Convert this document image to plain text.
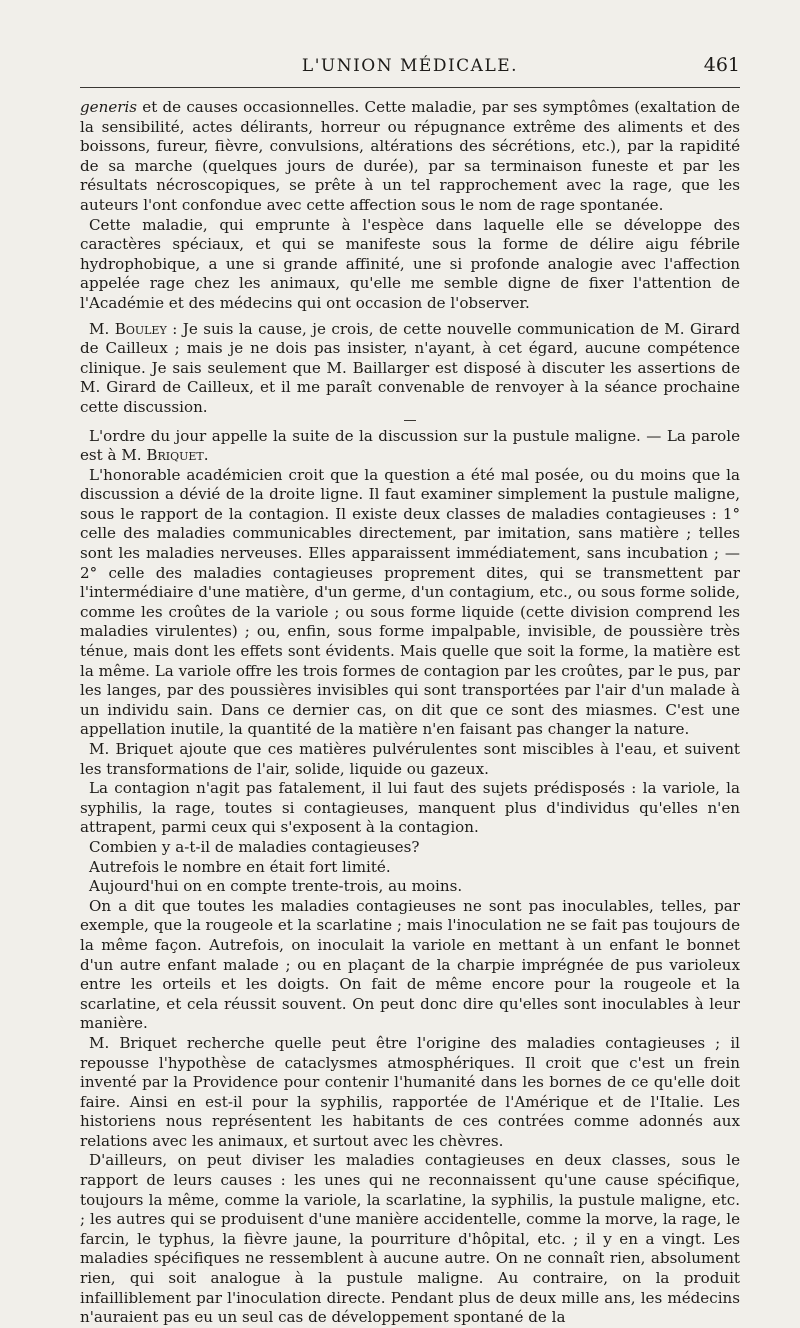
L'UNION MÉDICALE.	461

generis et de causes occasionnelles. Cette maladie, par ses symptômes (exaltation de la sensibilité, actes délirants, horreur ou répugnance extrême des aliments et des boissons, fureur, fièvre, convulsions, altérations des sécrétions, etc.), par la rapidité de sa marche (quelques jours de durée), par sa terminaison funeste et par les résultats nécroscopiques, se prête à un tel rapprochement avec la rage, que les auteurs l'ont confondue avec cette affection sous le nom de rage spontanée.

Cette maladie, qui emprunte à l'espèce dans laquelle elle se développe des caractères spéciaux, et qui se manifeste sous la forme de délire aigu fébrile hydrophobique, a une si grande affinité, une si profonde analogie avec l'affection appelée rage chez les animaux, qu'elle me semble digne de fixer l'attention de l'Académie et des médecins qui ont occasion de l'observer.

M. Bouley : Je suis la cause, je crois, de cette nouvelle communication de M. Girard de Cailleux ; mais je ne dois pas insister, n'ayant, à cet égard, aucune compétence clinique. Je sais seulement que M. Baillarger est disposé à discuter les assertions de M. Girard de Cailleux, et il me paraît convenable de renvoyer à la séance prochaine cette discussion.

L'ordre du jour appelle la suite de la discussion sur la pustule maligne. — La parole est à M. Briquet.

L'honorable académicien croit que la question a été mal posée, ou du moins que la discussion a dévié de la droite ligne. Il faut examiner simplement la pustule maligne, sous le rapport de la contagion. Il existe deux classes de maladies contagieuses : 1° celle des maladies communicables directement, par imitation, sans matière ; telles sont les maladies nerveuses. Elles apparaissent immédiatement, sans incubation ; — 2° celle des maladies contagieuses proprement dites, qui se transmettent par l'intermédiaire d'une matière, d'un germe, d'un contagium, etc., ou sous forme solide, comme les croûtes de la variole ; ou sous forme liquide (cette division comprend les maladies virulentes) ; ou, enfin, sous forme impalpable, invisible, de poussière très ténue, mais dont les effets sont évidents. Mais quelle que soit la forme, la matière est la même. La variole offre les trois formes de contagion par les croûtes, par le pus, par les langes, par des poussières invisibles qui sont transportées par l'air d'un malade à un individu sain. Dans ce dernier cas, on dit que ce sont des miasmes. C'est une appellation inutile, la quantité de la matière n'en faisant pas changer la nature.

M. Briquet ajoute que ces matières pulvérulentes sont miscibles à l'eau, et suivent les transformations de l'air, solide, liquide ou gazeux.

La contagion n'agit pas fatalement, il lui faut des sujets prédisposés : la variole, la syphilis, la rage, toutes si contagieuses, manquent plus d'individus qu'elles n'en attrapent, parmi ceux qui s'exposent à la contagion.

Combien y a-t-il de maladies contagieuses?

Autrefois le nombre en était fort limité.

Aujourd'hui on en compte trente-trois, au moins.

On a dit que toutes les maladies contagieuses ne sont pas inoculables, telles, par exemple, que la rougeole et la scarlatine ; mais l'inoculation ne se fait pas toujours de la même façon. Autrefois, on inoculait la variole en mettant à un enfant le bonnet d'un autre enfant malade ; ou en plaçant de la charpie imprégnée de pus varioleux entre les orteils et les doigts. On fait de même encore pour la rougeole et la scarlatine, et cela réussit souvent. On peut donc dire qu'elles sont inoculables à leur manière.

M. Briquet recherche quelle peut être l'origine des maladies contagieuses ; il repousse l'hypothèse de cataclysmes atmosphériques. Il croit que c'est un frein inventé par la Providence pour contenir l'humanité dans les bornes de ce qu'elle doit faire. Ainsi en est-il pour la syphilis, rapportée de l'Amérique et de l'Italie. Les historiens nous représentent les habitants de ces contrées comme adonnés aux relations avec les animaux, et surtout avec les chèvres.

D'ailleurs, on peut diviser les maladies contagieuses en deux classes, sous le rapport de leurs causes : les unes qui ne reconnaissent qu'une cause spécifique, toujours la même, comme la variole, la scarlatine, la syphilis, la pustule maligne, etc. ; les autres qui se produisent d'une manière accidentelle, comme la morve, la rage, le farcin, le typhus, la fièvre jaune, la pourriture d'hôpital, etc. ; il y en a vingt. Les maladies spécifiques ne ressemblent à aucune autre. On ne connaît rien, absolument rien, qui soit analogue à la pustule maligne. Au contraire, on la produit infailliblement par l'inoculation directe. Pendant plus de deux mille ans, les médecins n'auraient pas eu un seul cas de développement spontané de la
